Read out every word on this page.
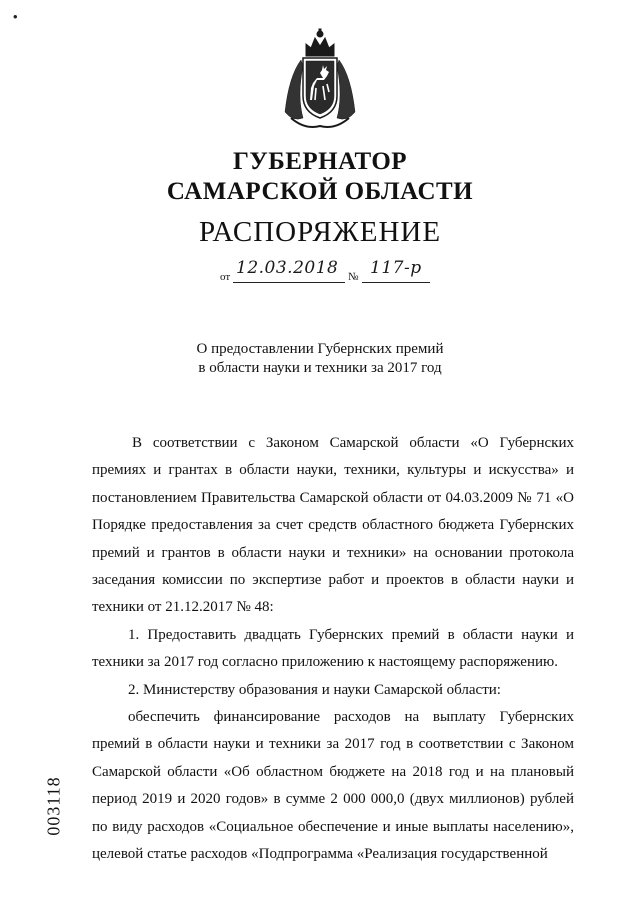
•
ГУБЕРНАТОР
САМАРСКОЙ ОБЛАСТИ
РАСПОРЯЖЕНИЕ
от 12.03.2018 № 117-р
О предоставлении Губернских премий
в области науки и техники за 2017 год

В соответствии с Законом Самарской области «О Губернских премиях и грантах в области науки, техники, культуры и искусства» и постановлением Правительства Самарской области от 04.03.2009 № 71 «О Порядке предоставления за счет средств областного бюджета Губернских премий и грантов в области науки и техники» на основании протокола заседания комиссии по экспертизе работ и проектов в области науки и техники от 21.12.2017 № 48:

1. Предоставить двадцать Губернских премий в области науки и техники за 2017 год согласно приложению к настоящему распоряжению.

2. Министерству образования и науки Самарской области:

обеспечить финансирование расходов на выплату Губернских премий в области науки и техники за 2017 год в соответствии с Законом Самарской области «Об областном бюджете на 2018 год и на плановый период 2019 и 2020 годов» в сумме 2 000 000,0 (двух миллионов) рублей по виду расходов «Социальное обеспечение и иные выплаты населению», целевой статье расходов «Подпрограмма «Реализация государственной

003118
